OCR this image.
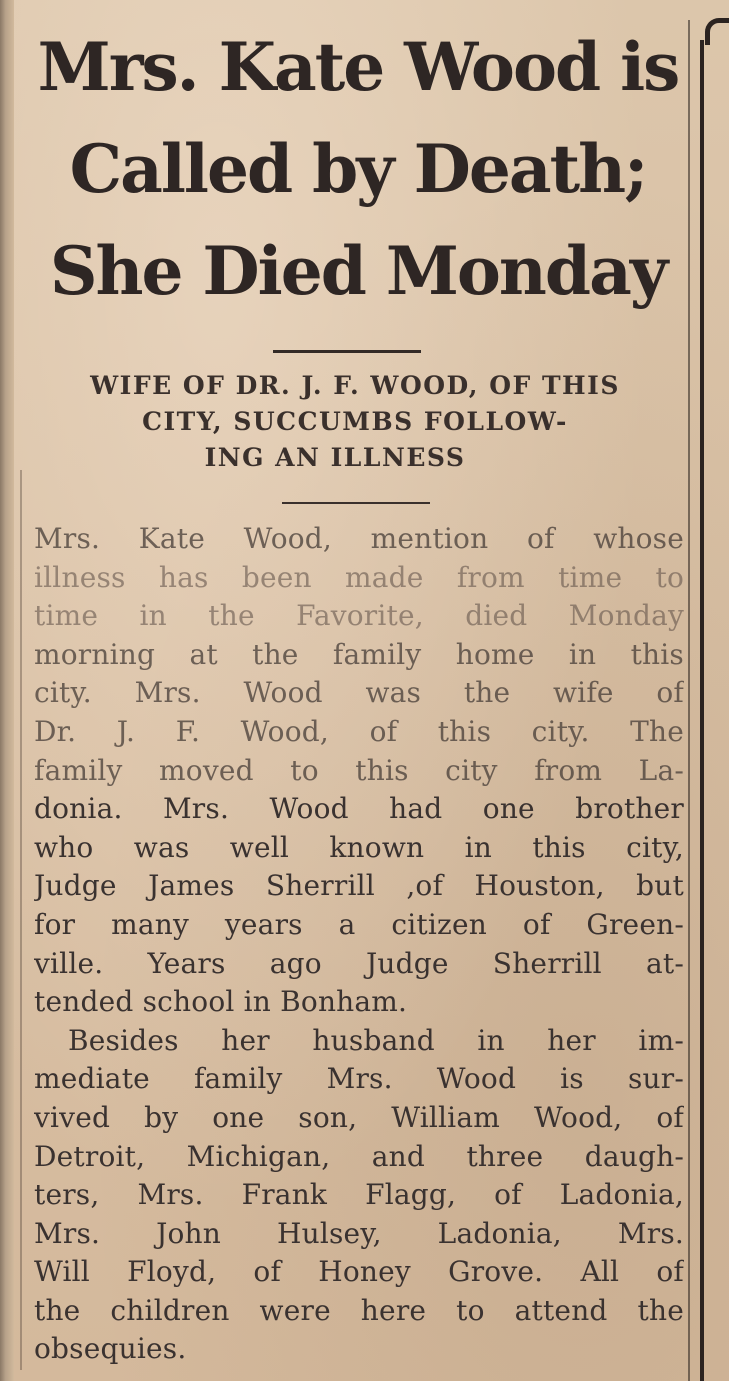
Mrs. Kate Wood is
Called by Death;
She Died Monday
WIFE OF DR. J. F. WOOD, OF THIS
CITY, SUCCUMBS FOLLOW-
ING AN ILLNESS
Mrs. Kate Wood, mention of whose
illness has been made from time to
time in the Favorite, died Monday
morning at the family home in this
city. Mrs. Wood was the wife of
Dr. J. F. Wood, of this city. The
family moved to this city from La-
donia. Mrs. Wood had one brother
who was well known in this city,
Judge James Sherrill ,of Houston, but
for many years a citizen of Green-
ville. Years ago Judge Sherrill at-
tended school in Bonham.
Besides her husband in her im-
mediate family Mrs. Wood is sur-
vived by one son, William Wood, of
Detroit, Michigan, and three daugh-
ters, Mrs. Frank Flagg, of Ladonia,
Mrs. John Hulsey, Ladonia, Mrs.
Will Floyd, of Honey Grove. All of
the children were here to attend the
obsequies.
